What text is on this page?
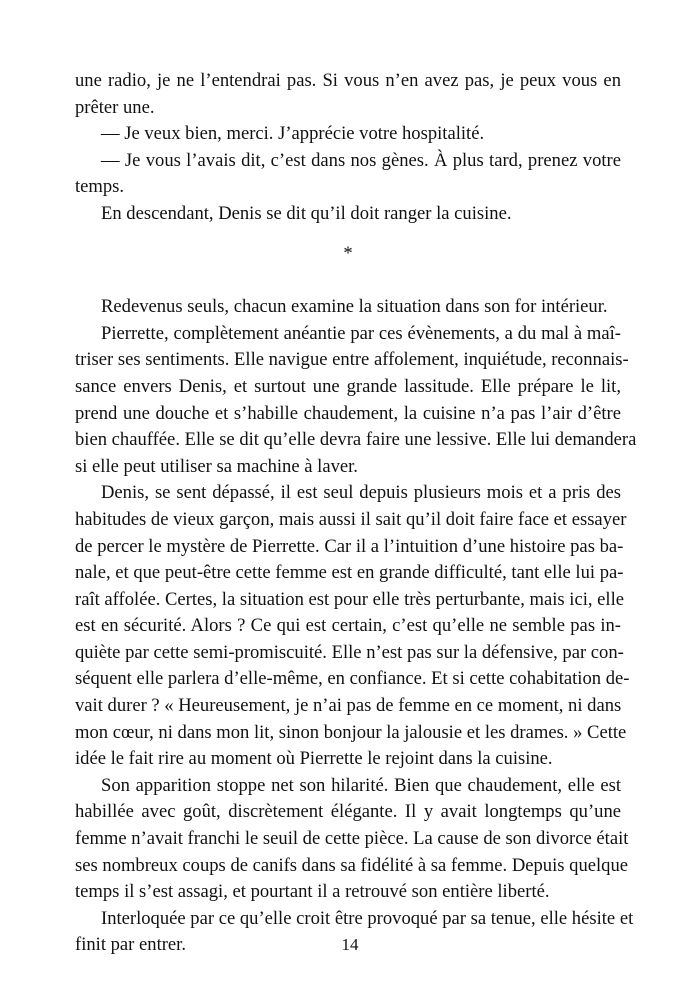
une radio, je ne l’entendrai pas. Si vous n’en avez pas, je peux vous en
prêter une.
— Je veux bien, merci. J’apprécie votre hospitalité.
— Je vous l’avais dit, c’est dans nos gènes. À plus tard, prenez votre
temps.
En descendant, Denis se dit qu’il doit ranger la cuisine.
*
Redevenus seuls, chacun examine la situation dans son for intérieur.
Pierrette, complètement anéantie par ces évènements, a du mal à maî-
triser ses sentiments. Elle navigue entre affolement, inquiétude, reconnais-
sance envers Denis, et surtout une grande lassitude. Elle prépare le lit,
prend une douche et s’habille chaudement, la cuisine n’a pas l’air d’être
bien chauffée. Elle se dit qu’elle devra faire une lessive. Elle lui demandera
si elle peut utiliser sa machine à laver.
Denis, se sent dépassé, il est seul depuis plusieurs mois et a pris des
habitudes de vieux garçon, mais aussi il sait qu’il doit faire face et essayer
de percer le mystère de Pierrette. Car il a l’intuition d’une histoire pas ba-
nale, et que peut-être cette femme est en grande difficulté, tant elle lui pa-
raît affolée. Certes, la situation est pour elle très perturbante, mais ici, elle
est en sécurité. Alors ? Ce qui est certain, c’est qu’elle ne semble pas in-
quiète par cette semi-promiscuité. Elle n’est pas sur la défensive, par con-
séquent elle parlera d’elle-même, en confiance. Et si cette cohabitation de-
vait durer ? « Heureusement, je n’ai pas de femme en ce moment, ni dans
mon cœur, ni dans mon lit, sinon bonjour la jalousie et les drames. » Cette
idée le fait rire au moment où Pierrette le rejoint dans la cuisine.
Son apparition stoppe net son hilarité. Bien que chaudement, elle est
habillée avec goût, discrètement élégante. Il y avait longtemps qu’une
femme n’avait franchi le seuil de cette pièce. La cause de son divorce était
ses nombreux coups de canifs dans sa fidélité à sa femme. Depuis quelque
temps il s’est assagi, et pourtant il a retrouvé son entière liberté.
Interloquée par ce qu’elle croit être provoqué par sa tenue, elle hésite et
finit par entrer.	14
